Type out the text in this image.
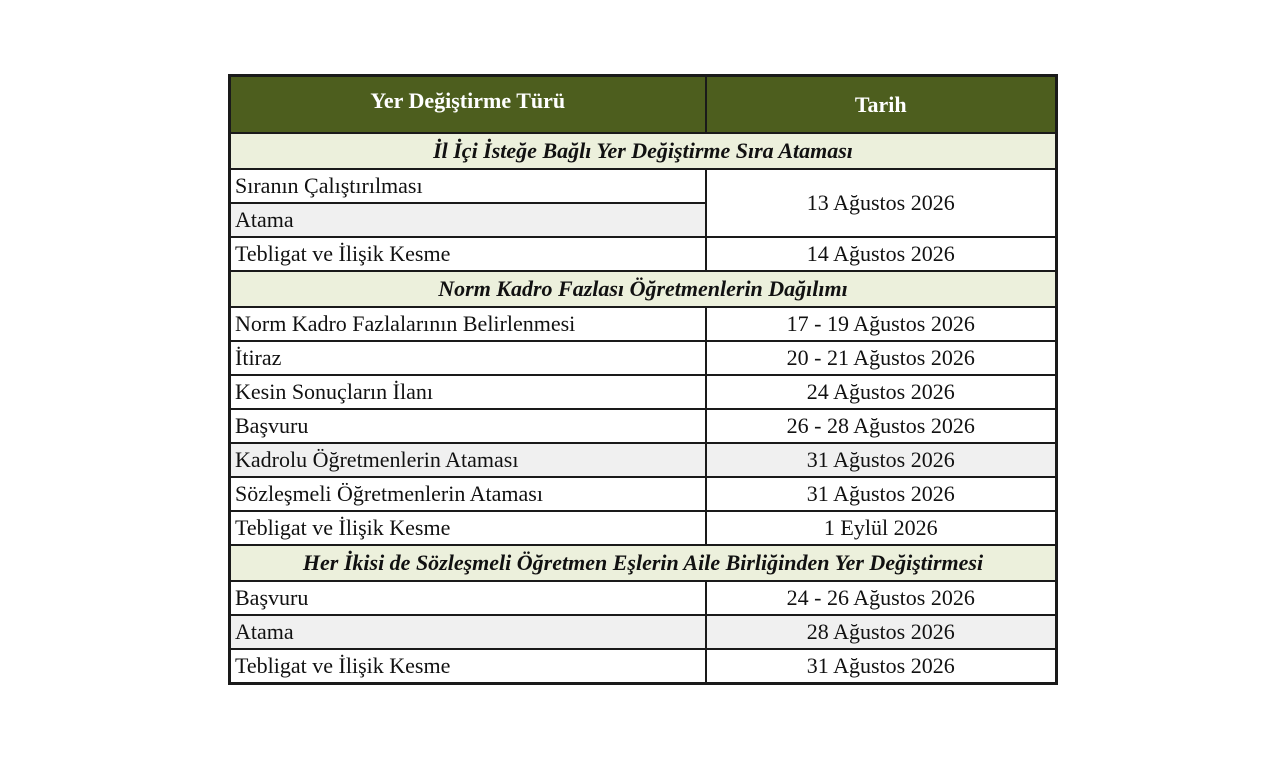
Yer Değiştirme Türü	Tarih
İl İçi İsteğe Bağlı Yer Değiştirme Sıra Ataması	
Sıranın Çalıştırılması	13 Ağustos 2026
Atama	
Tebligat ve İlişik Kesme	14 Ağustos 2026
Norm Kadro Fazlası Öğretmenlerin Dağılımı	
Norm Kadro Fazlalarının Belirlenmesi	17 - 19 Ağustos 2026
İtiraz	20 - 21 Ağustos 2026
Kesin Sonuçların İlanı	24 Ağustos 2026
Başvuru	26 - 28 Ağustos 2026
Kadrolu Öğretmenlerin Ataması	31 Ağustos 2026
Sözleşmeli Öğretmenlerin Ataması	31 Ağustos 2026
Tebligat ve İlişik Kesme	1 Eylül 2026
Her İkisi de Sözleşmeli Öğretmen Eşlerin Aile Birliğinden Yer Değiştirmesi	
Başvuru	24 - 26 Ağustos 2026
Atama	28 Ağustos 2026
Tebligat ve İlişik Kesme	31 Ağustos 2026
